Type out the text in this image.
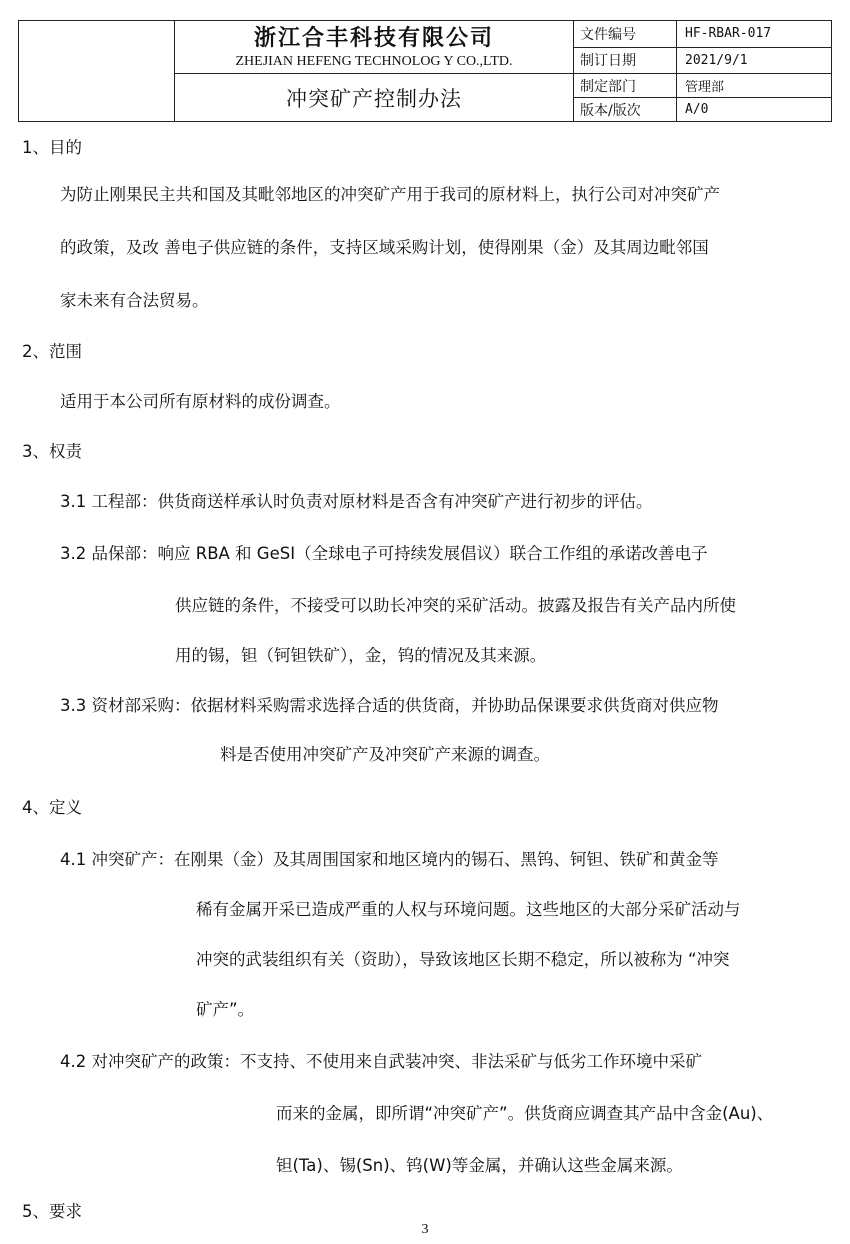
	浙江合丰科技有限公司
ZHEJIAN HEFENG TECHNOLOG Y CO.,LTD.	文件编号	HF-RBAR-017
		制订日期	2021/9/1
	冲突矿产控制办法	制定部门	管理部
		版本/版次	A/0
1、目的
为防止刚果民主共和国及其毗邻地区的冲突矿产用于我司的原材料上，执行公司对冲突矿产
的政策，及改 善电子供应链的条件，支持区域采购计划，使得刚果（金）及其周边毗邻国
家未来有合法贸易。
2、范围
适用于本公司所有原材料的成份调查。
3、权责
3.1 工程部：供货商送样承认时负责对原材料是否含有冲突矿产进行初步的评估。
3.2 品保部：响应 RBA 和 GeSI（全球电子可持续发展倡议）联合工作组的承诺改善电子
供应链的条件，不接受可以助长冲突的采矿活动。披露及报告有关产品内所使
用的锡，钽（钶钽铁矿），金，钨的情况及其来源。
3.3 资材部采购：依据材料采购需求选择合适的供货商，并协助品保课要求供货商对供应物
料是否使用冲突矿产及冲突矿产来源的调查。
4、定义
4.1 冲突矿产：在刚果（金）及其周围国家和地区境内的锡石、黑钨、钶钽、铁矿和黄金等
稀有金属开采已造成严重的人权与环境问题。这些地区的大部分采矿活动与
冲突的武装组织有关（资助），导致该地区长期不稳定，所以被称为 “冲突
矿产”。
4.2 对冲突矿产的政策：不支持、不使用来自武装冲突、非法采矿与低劣工作环境中采矿
而来的金属，即所谓“冲突矿产”。供货商应调查其产品中含金(Au)、
钽(Ta)、锡(Sn)、钨(W)等金属，并确认这些金属来源。
5、要求
3
